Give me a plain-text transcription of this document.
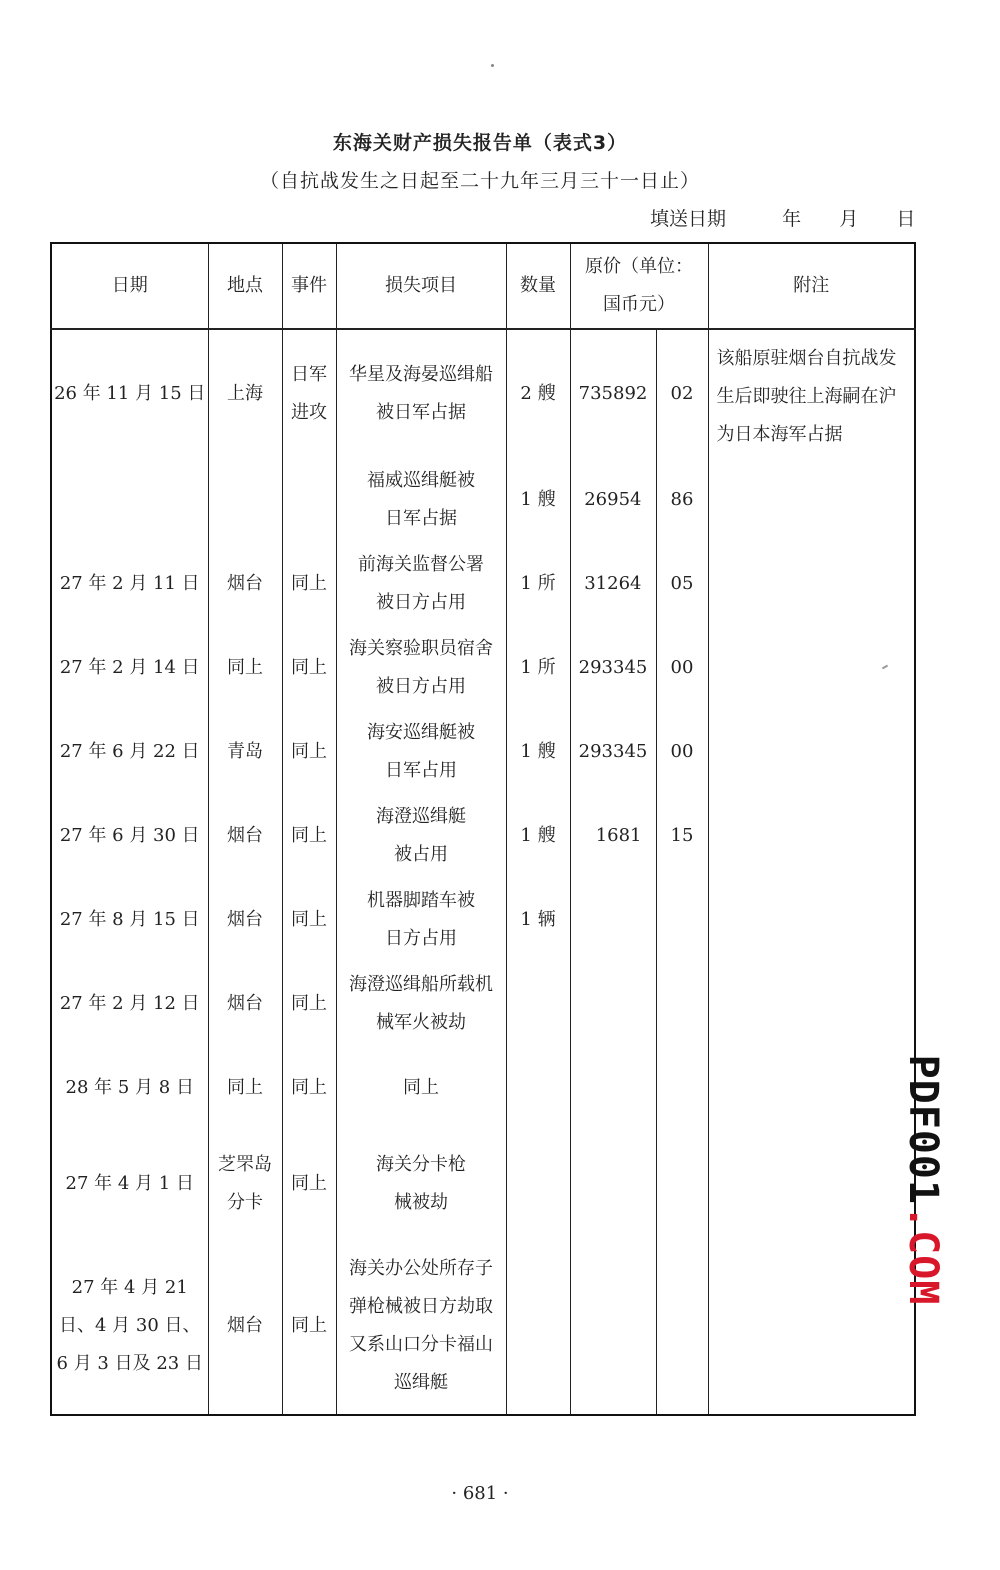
东海关财产损失报告单（表式3）
（自抗战发生之日起至二十九年三月三十一日止）
填送日期	年 月 日
日期	地点	事件	损失项目	数量	原价（单位：国币元）		附注
26 年 11 月 15 日	上海	日军进攻	华星及海晏巡缉船被日军占据	2 艘	735892	02	该船原驻烟台自抗战发生后即驶往上海嗣在沪为日本海军占据
			福威巡缉艇被日军占据	1 艘	26954	86	
27 年 2 月 11 日	烟台	同上	前海关监督公署被日方占用	1 所	31264	05	
27 年 2 月 14 日	同上	同上	海关察验职员宿舍被日方占用	1 所	293345	00	
27 年 6 月 22 日	青岛	同上	海安巡缉艇被日军占用	1 艘	293345	00	
27 年 6 月 30 日	烟台	同上	海澄巡缉艇被占用	1 艘	1681	15	
27 年 8 月 15 日	烟台	同上	机器脚踏车被日方占用	1 辆			
27 年 2 月 12 日	烟台	同上	海澄巡缉船所载机械军火被劫				
28 年 5 月 8 日	同上	同上	同上				
27 年 4 月 1 日	芝罘岛分卡	同上	海关分卡枪械被劫				
27 年 4 月 21 日、4 月 30 日、6 月 3 日及 23 日	烟台	同上	海关办公处所存子弹枪械被日方劫取又系山口分卡福山巡缉艇				
· 681 ·
PDF001.COM
